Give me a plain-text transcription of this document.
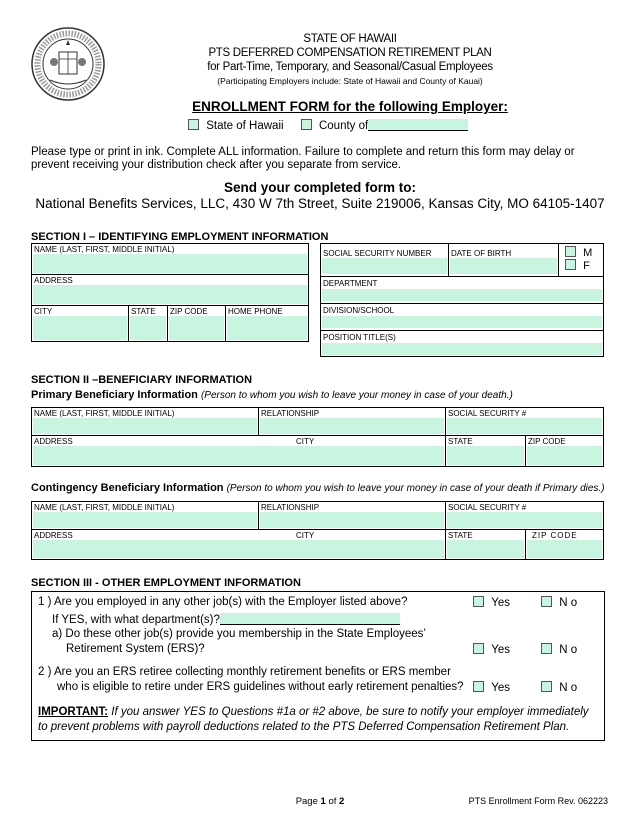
STATE OF HAWAII
PTS DEFERRED COMPENSATION RETIREMENT PLAN
for Part-Time, Temporary, and Seasonal/Casual Employees
(Participating Employers include: State of Hawaii and County of Kauai)
ENROLLMENT FORM for the following Employer:
State of Hawaii	County of
Please type or print in ink. Complete ALL information. Failure to complete and return this form may delay or prevent receiving your distribution check after you separate from service.
Send your completed form to:
National Benefits Services, LLC, 430 W 7th Street, Suite 219006, Kansas City, MO 64105-1407
SECTION I – IDENTIFYING EMPLOYMENT INFORMATION
NAME (LAST, FIRST, MIDDLE INITIAL)

ADDRESS

CITY	STATE	ZIP CODE	HOME PHONE
SOCIAL SECURITY NUMBER	DATE OF BIRTH	M
F

DEPARTMENT

DIVISION/SCHOOL

POSITION TITLE(S)
SECTION II –BENEFICIARY INFORMATION
Primary Beneficiary Information (Person to whom you wish to leave your money in case of your death.)
NAME (LAST, FIRST, MIDDLE INITIAL)	RELATIONSHIP	SOCIAL SECURITY #	

ADDRESS CITY		STATE	ZIP CODE
Contingency Beneficiary Information (Person to whom you wish to leave your money in case of your death if Primary dies.)
NAME (LAST, FIRST, MIDDLE INITIAL)	RELATIONSHIP	SOCIAL SECURITY #	

ADDRESS CITY		STATE	ZIP CODE
SECTION III - OTHER EMPLOYMENT INFORMATION
1 ) Are you employed in any other job(s) with the Employer listed above?	Yes	N o
If YES, with what department(s)?
a) Do these other job(s) provide you membership in the State Employees’
Retirement System (ERS)?	Yes	N o
2 ) Are you an ERS retiree collecting monthly retirement benefits or ERS member
who is eligible to retire under ERS guidelines without early retirement penalties?	Yes	N o
IMPORTANT: If you answer YES to Questions #1a or #2 above, be sure to notify your employer immediately to prevent problems with payroll deductions related to the PTS Deferred Compensation Retirement Plan.
Page 1 of 2	PTS Enrollment Form Rev. 062223
